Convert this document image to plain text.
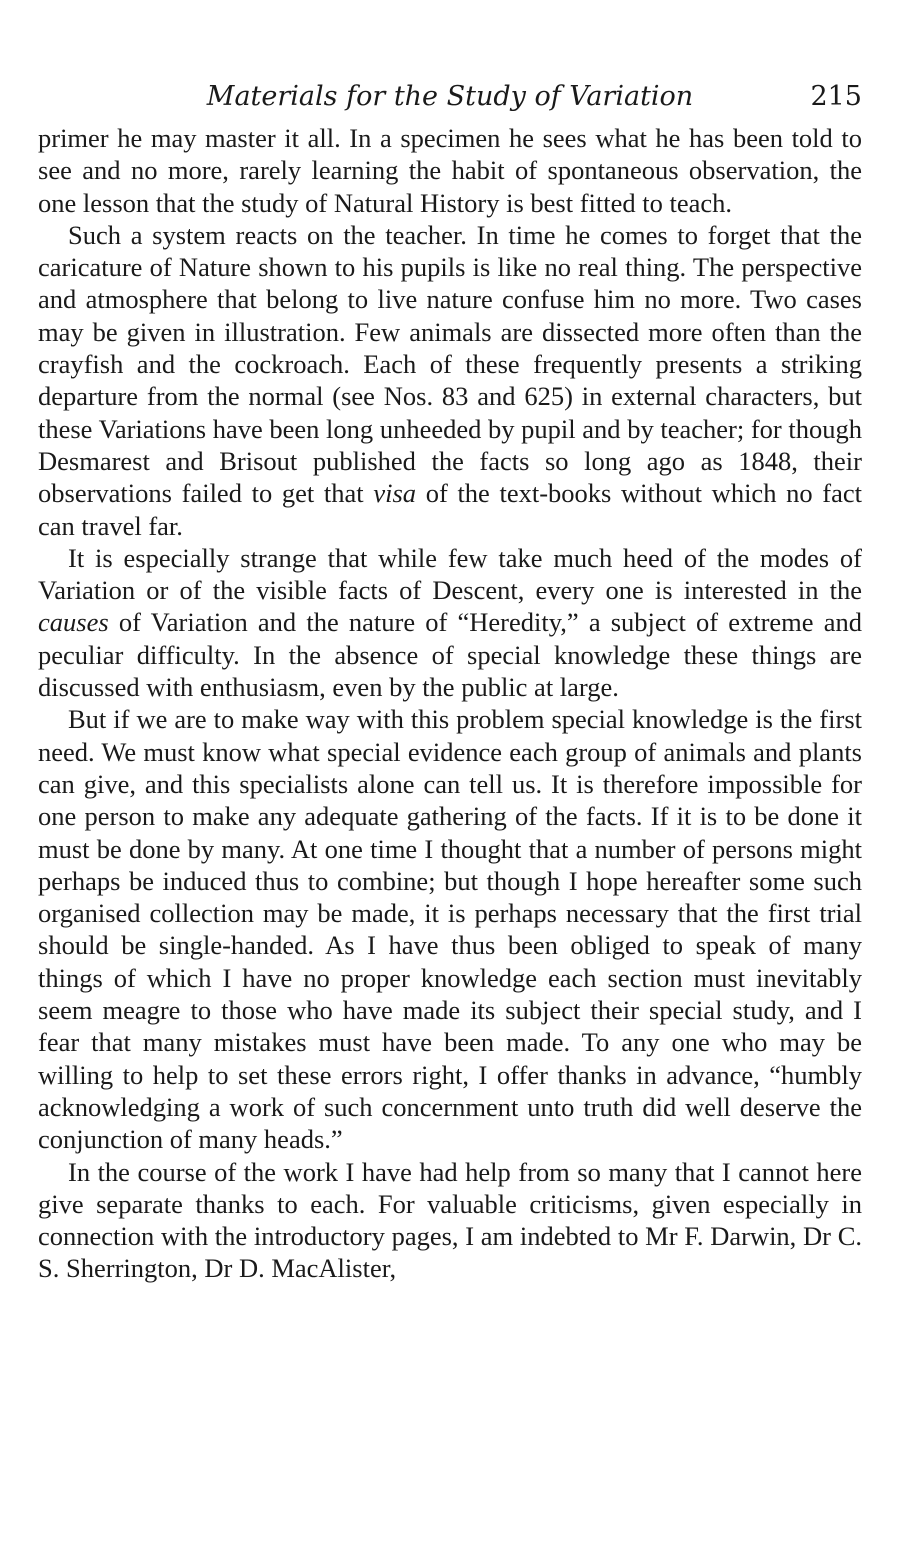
Materials for the Study of Variation	215

primer he may master it all. In a specimen he sees what he has been told to see and no more, rarely learning the habit of spontaneous observation, the one lesson that the study of Natural History is best fitted to teach.

Such a system reacts on the teacher. In time he comes to forget that the caricature of Nature shown to his pupils is like no real thing. The perspective and atmosphere that belong to live nature confuse him no more. Two cases may be given in illustration. Few animals are dissected more often than the crayfish and the cockroach. Each of these frequently presents a striking departure from the normal (see Nos. 83 and 625) in external characters, but these Variations have been long unheeded by pupil and by teacher; for though Desmarest and Brisout published the facts so long ago as 1848, their observations failed to get that visa of the text-books without which no fact can travel far.

It is especially strange that while few take much heed of the modes of Variation or of the visible facts of Descent, every one is interested in the causes of Variation and the nature of “Heredity,” a subject of extreme and peculiar difficulty. In the absence of special knowledge these things are discussed with enthusiasm, even by the public at large.

But if we are to make way with this problem special knowledge is the first need. We must know what special evidence each group of animals and plants can give, and this specialists alone can tell us. It is therefore impossible for one person to make any adequate gathering of the facts. If it is to be done it must be done by many. At one time I thought that a number of persons might perhaps be induced thus to combine; but though I hope hereafter some such organised collection may be made, it is perhaps necessary that the first trial should be single-handed. As I have thus been obliged to speak of many things of which I have no proper knowledge each section must inevitably seem meagre to those who have made its subject their special study, and I fear that many mistakes must have been made. To any one who may be willing to help to set these errors right, I offer thanks in advance, “humbly acknowledging a work of such concernment unto truth did well deserve the conjunction of many heads.”

In the course of the work I have had help from so many that I cannot here give separate thanks to each. For valuable criticisms, given especially in connection with the introductory pages, I am indebted to Mr F. Darwin, Dr C. S. Sherrington, Dr D. MacAlister,
